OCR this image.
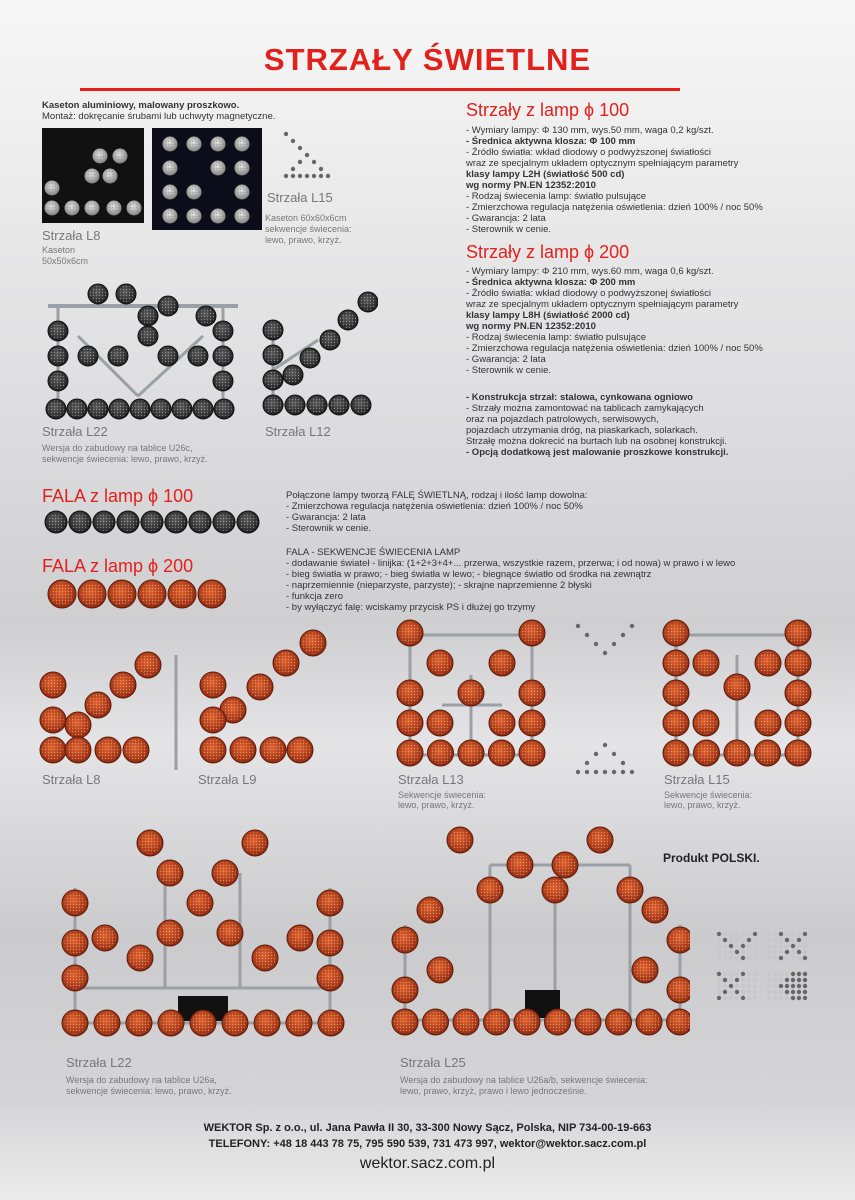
STRZAŁY ŚWIETLNE
Kaseton aluminiowy, malowany proszkowo.
Montaż: dokręcanie śrubami lub uchwyty magnetyczne.
Strzała L8
Kaseton
50x50x6cm
Strzała L15
Kaseton 60x60x6cm
sekwencje świecenia:
lewo, prawo, krzyż.
Strzała L22
Wersja do zabudowy na tablice U26c,
sekwencje świecenia: lewo, prawo, krzyż.
Strzała L12
Strzały z lamp ϕ 100
- Wymiary lampy: Φ 130 mm, wys.50 mm, waga 0,2 kg/szt.
- Średnica aktywna klosza: Φ 100 mm
- Źródło światła: wkład diodowy o podwyższonej światłości
wraz ze specjalnym układem optycznym spełniającym parametry
klasy lampy L2H (światłość 500 cd)
wg normy PN.EN 12352:2010
- Rodzaj świecenia lamp: światło pulsujące
- Zmierzchowa regulacja natężenia oświetlenia: dzień 100% / noc 50%
- Gwarancja: 2 lata
- Sterownik w cenie.
Strzały z lamp ϕ 200
- Wymiary lampy: Φ 210 mm, wys.60 mm, waga 0,6 kg/szt.
- Średnica aktywna klosza: Φ 200 mm
- Źródło światła: wkład diodowy o podwyższonej światłości
wraz ze specjalnym układem optycznym spełniającym parametry
klasy lampy L8H (światłość 2000 cd)
wg normy PN.EN 12352:2010
- Rodzaj świecenia lamp: światło pulsujące
- Zmierzchowa regulacja natężenia oświetlenia: dzień 100% / noc 50%
- Gwarancja: 2 lata
- Sterownik w cenie.
- Konstrukcja strzał: stalowa, cynkowana ogniowo
- Strzały można zamontować na tablicach zamykających
oraz na pojazdach patrolowych, serwisowych,
pojazdach utrzymania dróg, na piaskarkach, solarkach.
Strzałę można dokrecić na burtach lub na osobnej konstrukcji.
- Opcją dodatkową jest malowanie proszkowe konstrukcji.
FALA z lamp ϕ 100
FALA z lamp ϕ 200
Połączone lampy tworzą FALĘ ŚWIETLNĄ, rodzaj i ilość lamp dowolna:
- Zmierzchowa regulacja natężenia oświetlenia: dzień 100% / noc 50%
- Gwarancja: 2 lata
- Sterownik w cenie.
FALA - SEKWENCJE ŚWIECENIA LAMP
- dodawanie świateł - linijka: (1+2+3+4+... przerwa, wszystkie razem, przerwa; i od nowa) w prawo i w lewo
- bieg światła w prawo; - bieg światła w lewo; - biegnące światło od środka na zewnątrz
- naprzemiennie (nieparzyste, parzyste); - skrajne naprzemienne 2 błyski
- funkcja zero
- by wyłączyć falę: wciskamy przycisk PS i dłużej go trzymy
Strzała L8	Strzała L9	Strzała L13
Sekwencje świecenia:
lewo, prawo, krzyż.
Strzała L15
Sekwencje świecenia:
lewo, prawo, krzyż.
Strzała L22
Wersja do zabudowy na tablice U26a,
sekwencje świecenia: lewo, prawo, krzyż.
Strzała L25
Wersja do zabudowy na tablice U26a/b, sekwencje świecenia:
lewo, prawo, krzyż, prawo i lewo jednocześnie.
Produkt POLSKI.
WEKTOR Sp. z o.o., ul. Jana Pawła II 30, 33-300 Nowy Sącz, Polska, NIP 734-00-19-663
TELEFONY: +48 18 443 78 75, 795 590 539, 731 473 997, wektor@wektor.sacz.com.pl
wektor.sacz.com.pl
